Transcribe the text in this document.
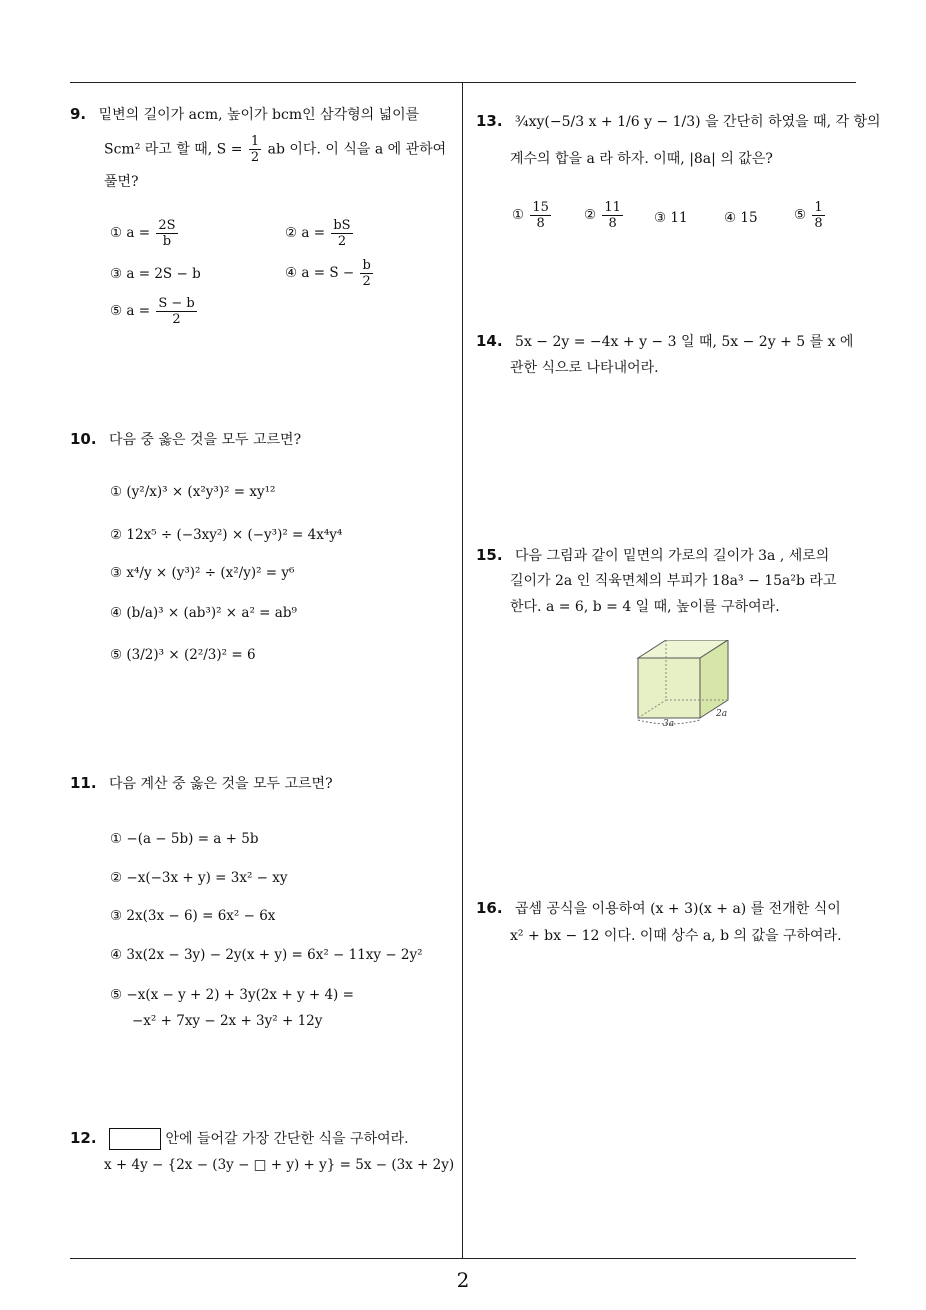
2
9. 밑변의 길이가 acm, 높이가 bcm인 삼각형의 넓이를
Scm² 라고 할 때, $S = \frac{1}{2}$ ab 이다. 이 식을 a 에 관하여
풀면?
① $a = \frac{2S}{b}$	② $a = \frac{bS}{2}$
③ a = 2S − b	④ $a = S - \frac{b}{2}$
⑤ $a = \frac{S - b}{2}$
10. 다음 중 옳은 것을 모두 고르면?
① (y²/x)³ × (x²y³)² = xy¹²
② 12x⁵ ÷ (−3xy²) × (−y³)² = 4x⁴y⁴
③ x⁴/y × (y³)² ÷ (x²/y)² = y⁶
④ (b/a)³ × (ab³)² × a² = ab⁹
⑤ (3/2)³ × (2²/3)² = 6
11. 다음 계산 중 옳은 것을 모두 고르면?
① −(a − 5b) = a + 5b
② −x(−3x + y) = 3x² − xy
③ 2x(3x − 6) = 6x² − 6x
④ 3x(2x − 3y) − 2y(x + y) = 6x² − 11xy − 2y²
⑤ −x(x − y + 2) + 3y(2x + y + 4) =
−x² + 7xy − 2x + 3y² + 12y
12.	안에 들어갈 가장 간단한 식을 구하여라.
x + 4y − {2x − (3y − □ + y) + y} = 5x − (3x + 2y)
13. ¾xy(−5/3 x + 1/6 y − 1/3) 을 간단히 하였을 때, 각 항의
계수의 합을 a 라 하자. 이때, |8a| 의 값은?
① $\frac{15}{8}$ ② $\frac{11}{8}$ ③ 11	④ 15	⑤ $\frac{1}{8}$
14. 5x − 2y = −4x + y − 3 일 때, 5x − 2y + 5 를 x 에
관한 식으로 나타내어라.
15. 다음 그림과 같이 밑면의 가로의 길이가 3a , 세로의
길이가 2a 인 직육면체의 부피가 18a³ − 15a²b 라고
한다. a = 6, b = 4 일 때, 높이를 구하여라.
3a
2a
16. 곱셈 공식을 이용하여 (x + 3)(x + a) 를 전개한 식이
x² + bx − 12 이다. 이때 상수 a, b 의 값을 구하여라.
